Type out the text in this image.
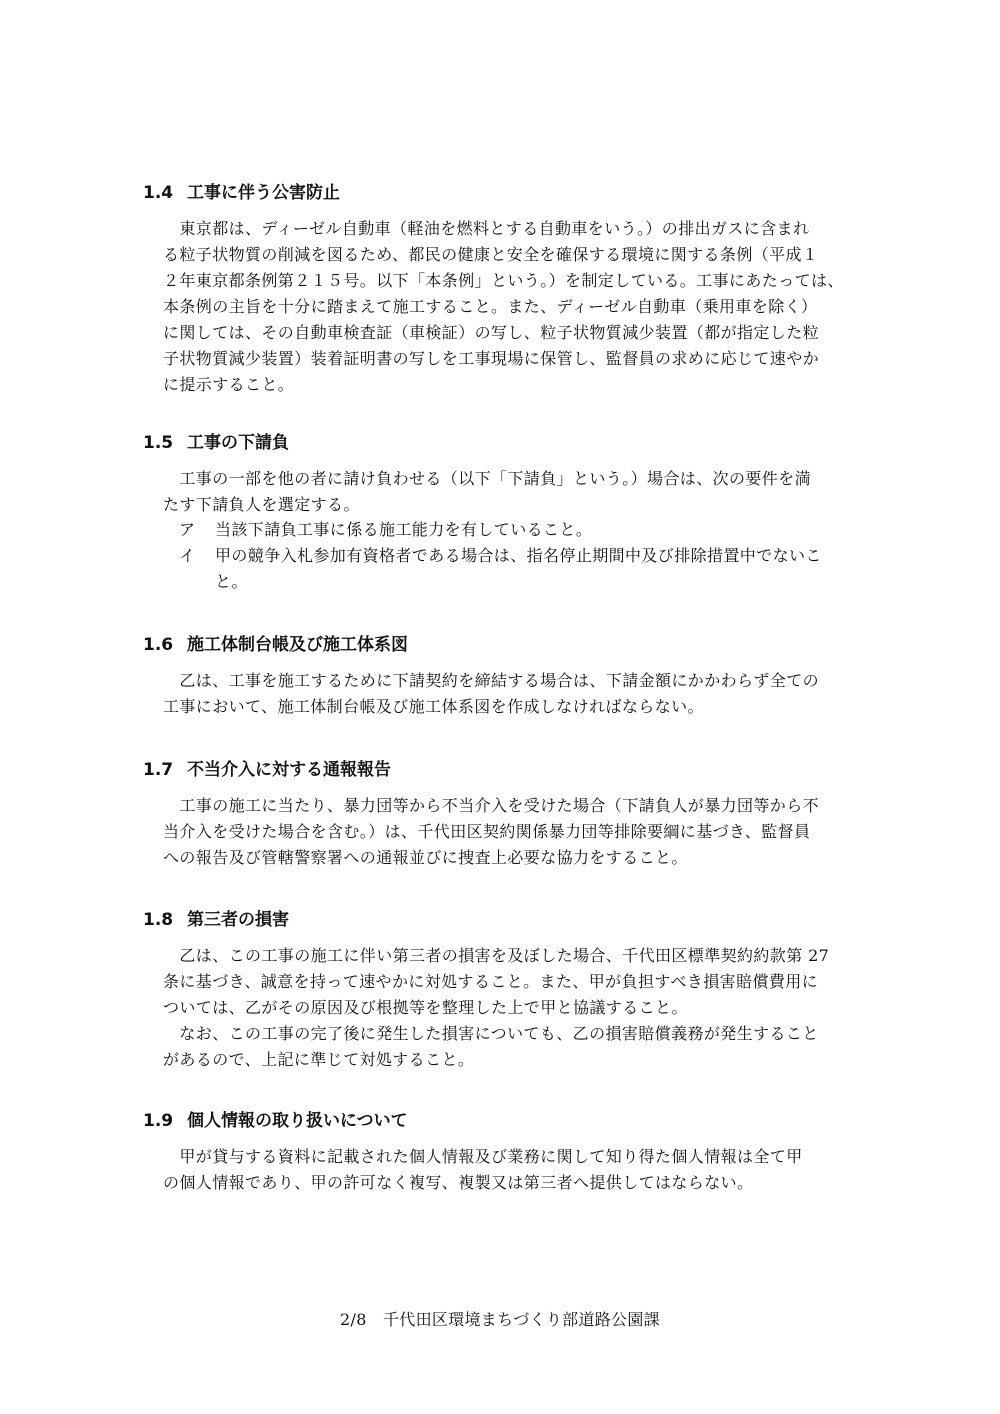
1.4 工事に伴う公害防止
　東京都は、ディーゼル自動車（軽油を燃料とする自動車をいう。）の排出ガスに含まれ
る粒子状物質の削減を図るため、都民の健康と安全を確保する環境に関する条例（平成１
２年東京都条例第２１５号。以下「本条例」という。）を制定している。工事にあたっては、
本条例の主旨を十分に踏まえて施工すること。また、ディーゼル自動車（乗用車を除く）
に関しては、その自動車検査証（車検証）の写し、粒子状物質減少装置（都が指定した粒
子状物質減少装置）装着証明書の写しを工事現場に保管し、監督員の求めに応じて速やか
に提示すること。
1.5 工事の下請負
　工事の一部を他の者に請け負わせる（以下「下請負」という。）場合は、次の要件を満
たす下請負人を選定する。
ア 当該下請負工事に係る施工能力を有していること。
イ 甲の競争入札参加有資格者である場合は、指名停止期間中及び排除措置中でないこ
と。
1.6 施工体制台帳及び施工体系図
　乙は、工事を施工するために下請契約を締結する場合は、下請金額にかかわらず全ての
工事において、施工体制台帳及び施工体系図を作成しなければならない。
1.7 不当介入に対する通報報告
　工事の施工に当たり、暴力団等から不当介入を受けた場合（下請負人が暴力団等から不
当介入を受けた場合を含む。）は、千代田区契約関係暴力団等排除要綱に基づき、監督員
への報告及び管轄警察署への通報並びに捜査上必要な協力をすること。
1.8 第三者の損害
　乙は、この工事の施工に伴い第三者の損害を及ぼした場合、千代田区標準契約約款第 27
条に基づき、誠意を持って速やかに対処すること。また、甲が負担すべき損害賠償費用に
ついては、乙がその原因及び根拠等を整理した上で甲と協議すること。
　なお、この工事の完了後に発生した損害についても、乙の損害賠償義務が発生すること
があるので、上記に準じて対処すること。
1.9 個人情報の取り扱いについて
　甲が貸与する資料に記載された個人情報及び業務に関して知り得た個人情報は全て甲
の個人情報であり、甲の許可なく複写、複製又は第三者へ提供してはならない。
2/8　 千代田区環境まちづくり部道路公園課
